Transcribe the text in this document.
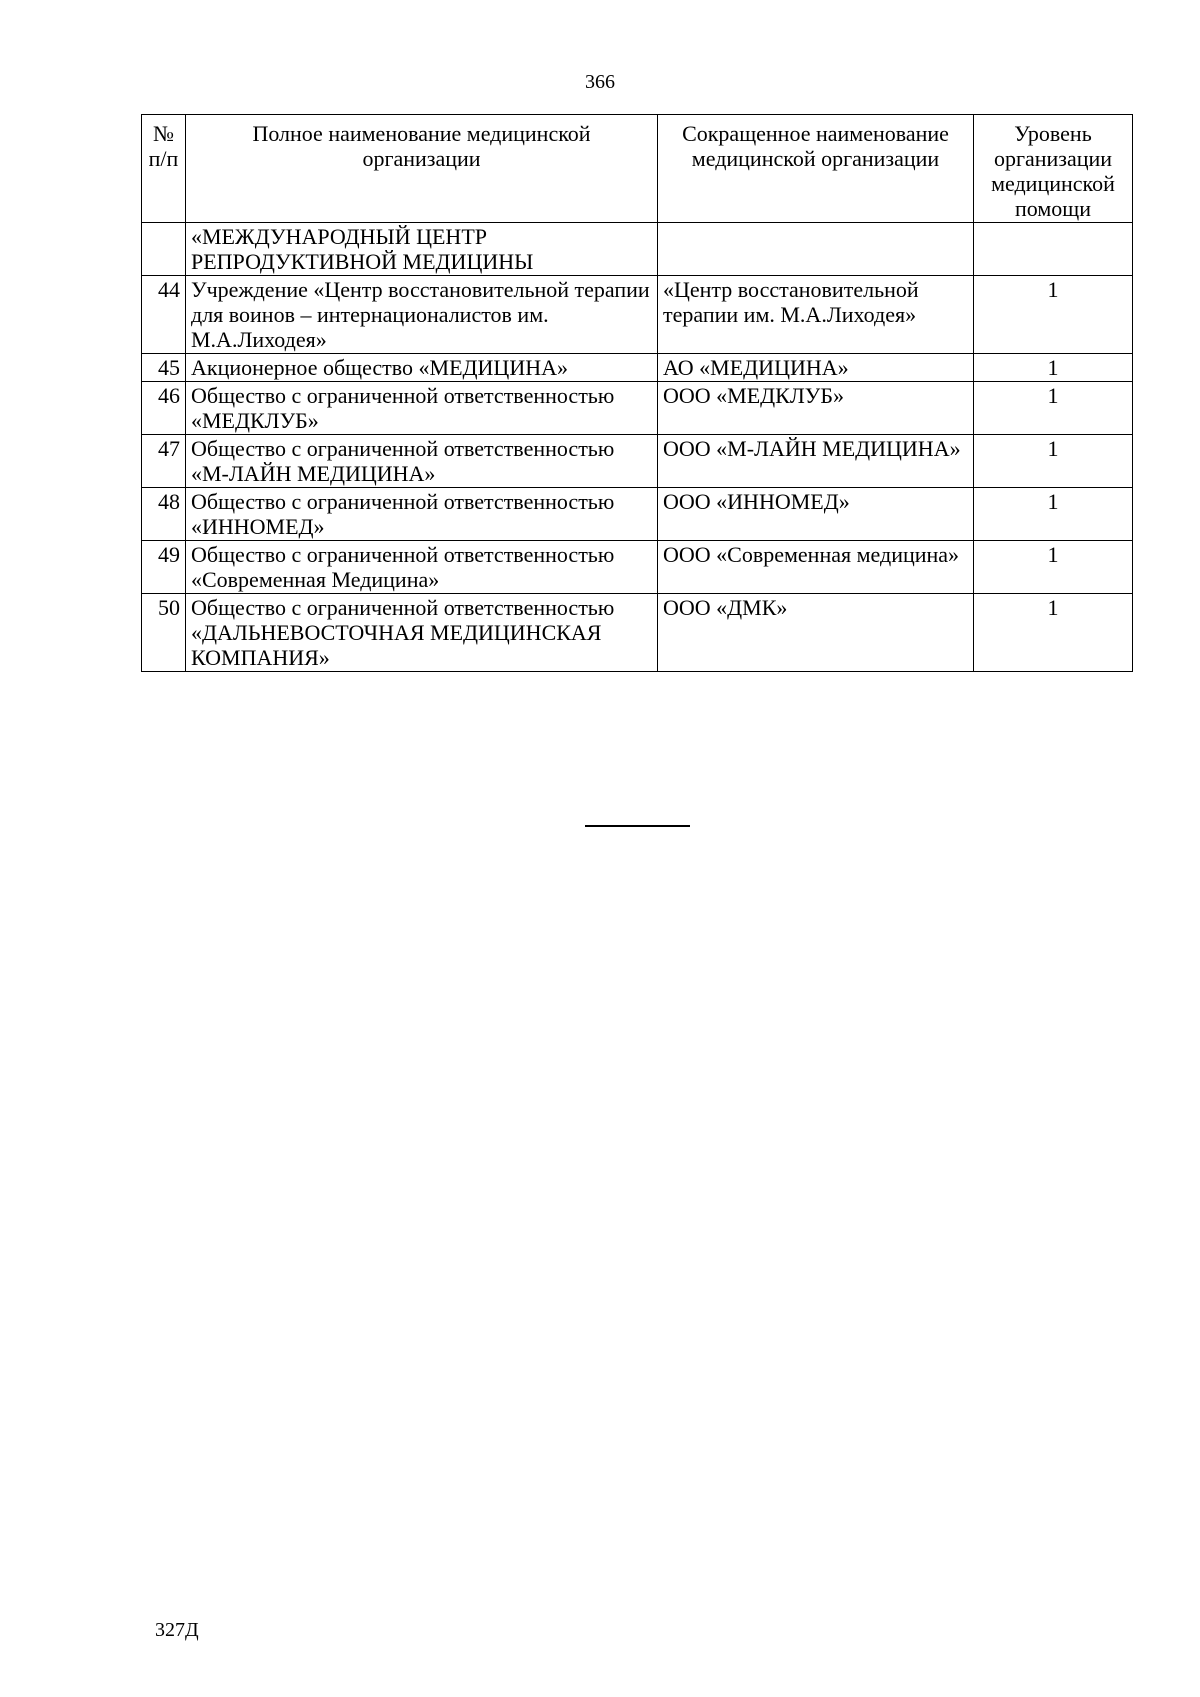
366
№ п/п	Полное наименование медицинской организации	Сокращенное наименование медицинской организации	Уровень организации медицинской помощи
	«МЕЖДУНАРОДНЫЙ ЦЕНТР РЕПРОДУКТИВНОЙ МЕДИЦИНЫ		
44	Учреждение «Центр восстановительной терапии для воинов – интернационалистов им. М.А.Лиходея»	«Центр восстановительной терапии им. М.А.Лиходея»	1
45	Акционерное общество «МЕДИЦИНА»	АО «МЕДИЦИНА»	1
46	Общество с ограниченной ответственностью «МЕДКЛУБ»	ООО «МЕДКЛУБ»	1
47	Общество с ограниченной ответственностью «М-ЛАЙН МЕДИЦИНА»	ООО «М-ЛАЙН МЕДИЦИНА»	1
48	Общество с ограниченной ответственностью «ИННОМЕД»	ООО «ИННОМЕД»	1
49	Общество с ограниченной ответственностью «Современная Медицина»	ООО «Современная медицина»	1
50	Общество с ограниченной ответственностью «ДАЛЬНЕВОСТОЧНАЯ МЕДИЦИНСКАЯ КОМПАНИЯ»	ООО «ДМК»	1
327Д
